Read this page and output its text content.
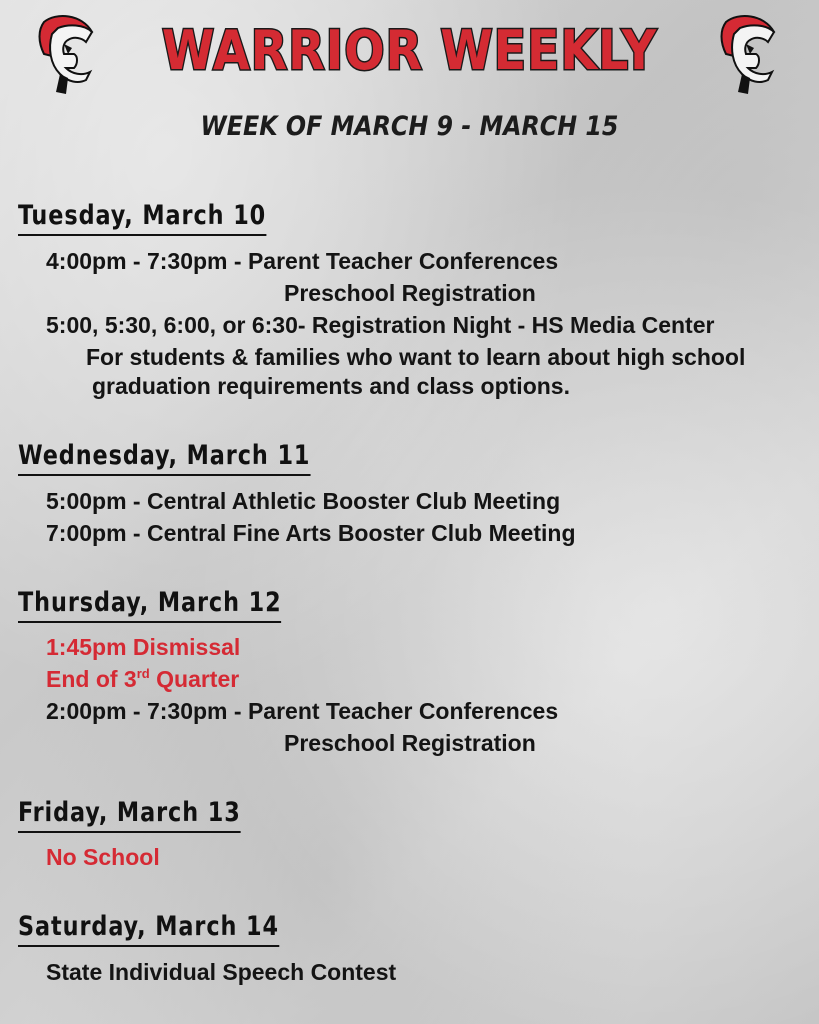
WARRIOR WEEKLY
WEEK OF MARCH 9 - MARCH 15
Tuesday, March 10

4:00pm - 7:30pm - Parent Teacher Conferences

Preschool Registration

5:00, 5:30, 6:00, or 6:30- Registration Night - HS Media Center

For students & families who want to learn about high school

graduation requirements and class options.

Wednesday, March 11

5:00pm - Central Athletic Booster Club Meeting

7:00pm - Central Fine Arts Booster Club Meeting

Thursday, March 12

1:45pm Dismissal

End of 3rd Quarter

2:00pm - 7:30pm - Parent Teacher Conferences

Preschool Registration

Friday, March 13

No School

Saturday, March 14

State Individual Speech Contest
